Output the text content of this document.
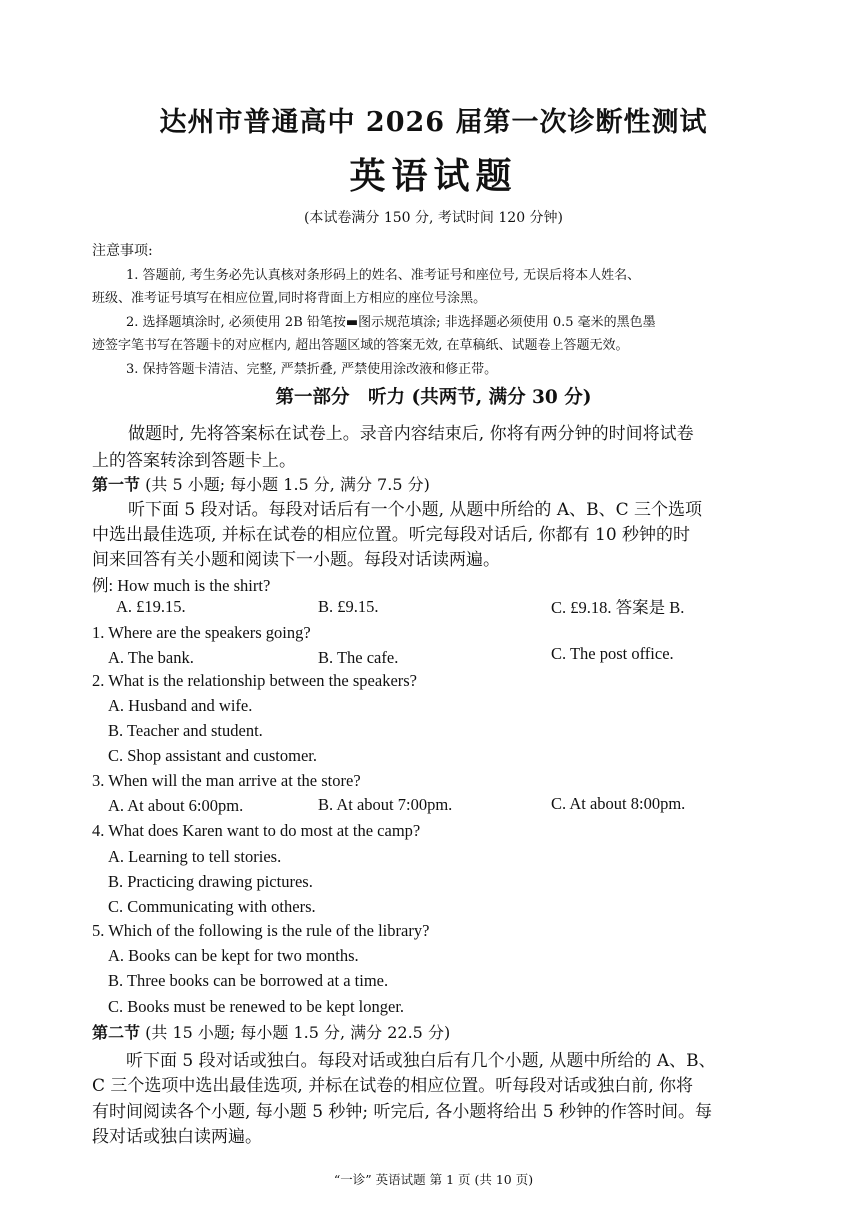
达州市普通高中 2026 届第一次诊断性测试
英语试题
(本试卷满分 150 分, 考试时间 120 分钟)
注意事项:
1. 答题前, 考生务必先认真核对条形码上的姓名、准考证号和座位号, 无误后将本人姓名、
班级、准考证号填写在相应位置,同时将背面上方相应的座位号涂黑。
2. 选择题填涂时, 必须使用 2B 铅笔按▬图示规范填涂; 非选择题必须使用 0.5 毫米的黑色墨
迹签字笔书写在答题卡的对应框内, 超出答题区域的答案无效, 在草稿纸、试题卷上答题无效。
3. 保持答题卡清洁、完整, 严禁折叠, 严禁使用涂改液和修正带。
第一部分　听力 (共两节, 满分 30 分)
做题时, 先将答案标在试卷上。录音内容结束后, 你将有两分钟的时间将试卷
上的答案转涂到答题卡上。
第一节 (共 5 小题; 每小题 1.5 分, 满分 7.5 分)
听下面 5 段对话。每段对话后有一个小题, 从题中所给的 A、B、C 三个选项
中选出最佳选项, 并标在试卷的相应位置。听完每段对话后, 你都有 10 秒钟的时
间来回答有关小题和阅读下一小题。每段对话读两遍。
例: How much is the shirt?
A. £19.15.	B. £9.15.	C. £9.18. 答案是 B.
1. Where are the speakers going?
A. The bank.	B. The cafe.	C. The post office.
2. What is the relationship between the speakers?
A. Husband and wife.
B. Teacher and student.
C. Shop assistant and customer.
3. When will the man arrive at the store?
A. At about 6:00pm.	B. At about 7:00pm.	C. At about 8:00pm.
4. What does Karen want to do most at the camp?
A. Learning to tell stories.
B. Practicing drawing pictures.
C. Communicating with others.
5. Which of the following is the rule of the library?
A. Books can be kept for two months.
B. Three books can be borrowed at a time.
C. Books must be renewed to be kept longer.
第二节 (共 15 小题; 每小题 1.5 分, 满分 22.5 分)
听下面 5 段对话或独白。每段对话或独白后有几个小题, 从题中所给的 A、B、
C 三个选项中选出最佳选项, 并标在试卷的相应位置。听每段对话或独白前, 你将
有时间阅读各个小题, 每小题 5 秒钟; 听完后, 各小题将给出 5 秒钟的作答时间。每
段对话或独白读两遍。
“一诊” 英语试题 第 1 页 (共 10 页)
